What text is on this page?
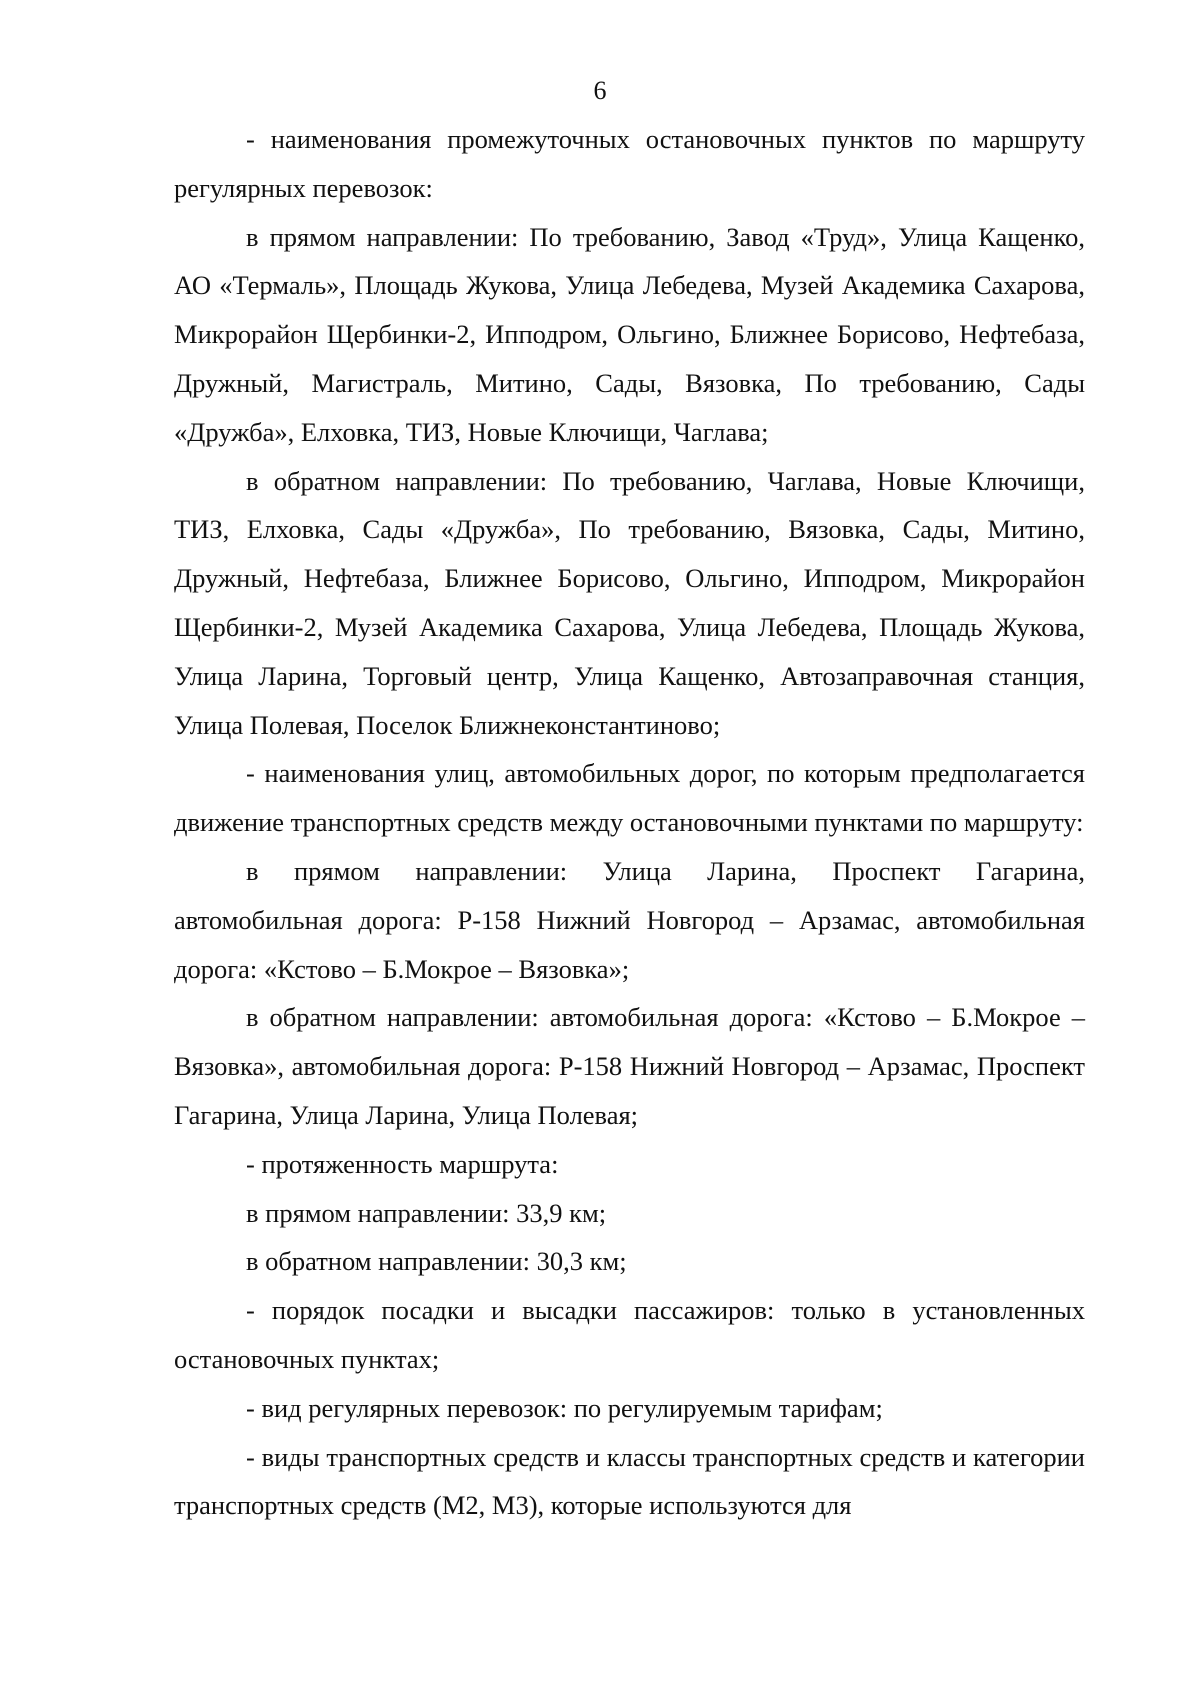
6

- наименования промежуточных остановочных пунктов по маршруту регулярных перевозок:

в прямом направлении: По требованию, Завод «Труд», Улица Кащенко, АО «Термаль», Площадь Жукова, Улица Лебедева, Музей Академика Сахарова, Микрорайон Щербинки-2, Ипподром, Ольгино, Ближнее Борисово, Нефтебаза, Дружный, Магистраль, Митино, Сады, Вязовка, По требованию, Сады «Дружба», Елховка, ТИЗ, Новые Ключищи, Чаглава;

в обратном направлении: По требованию, Чаглава, Новые Ключищи, ТИЗ, Елховка, Сады «Дружба», По требованию, Вязовка, Сады, Митино, Дружный, Нефтебаза, Ближнее Борисово, Ольгино, Ипподром, Микрорайон Щербинки-2, Музей Академика Сахарова, Улица Лебедева, Площадь Жукова, Улица Ларина, Торговый центр, Улица Кащенко, Автозаправочная станция, Улица Полевая, Поселок Ближнеконстантиново;

- наименования улиц, автомобильных дорог, по которым предполагается движение транспортных средств между остановочными пунктами по маршруту:

в прямом направлении: Улица Ларина, Проспект Гагарина, автомобильная дорога: Р-158 Нижний Новгород – Арзамас, автомобильная дорога: «Кстово – Б.Мокрое – Вязовка»;

в обратном направлении: автомобильная дорога: «Кстово – Б.Мокрое – Вязовка», автомобильная дорога: Р-158 Нижний Новгород – Арзамас, Проспект Гагарина, Улица Ларина, Улица Полевая;

- протяженность маршрута:

в прямом направлении: 33,9 км;

в обратном направлении: 30,3 км;

- порядок посадки и высадки пассажиров: только в установленных остановочных пунктах;

- вид регулярных перевозок: по регулируемым тарифам;

- виды транспортных средств и классы транспортных средств и категории транспортных средств (М2, М3), которые используются для
